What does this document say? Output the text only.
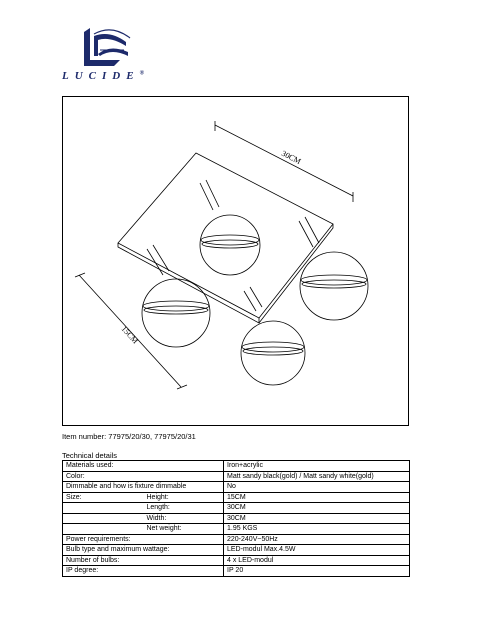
LUCIDE®
30CM
15CM
Item number: 77975/20/30, 77975/20/31
Technical details
Materials used:		Iron+acrylic
Color:		Matt sandy black(gold) / Matt sandy white(gold)
Dimmable and how is fixture dimmable		No
Size:	Height:	15CM
	Length:	30CM
	Width:	30CM
	Net weight:	1.95 KGS
Power requirements:		220-240V~50Hz
Bulb type and maximum wattage:		LED-modul Max.4.5W
Number of bulbs:		4 x LED-modul
IP degree:		IP 20
